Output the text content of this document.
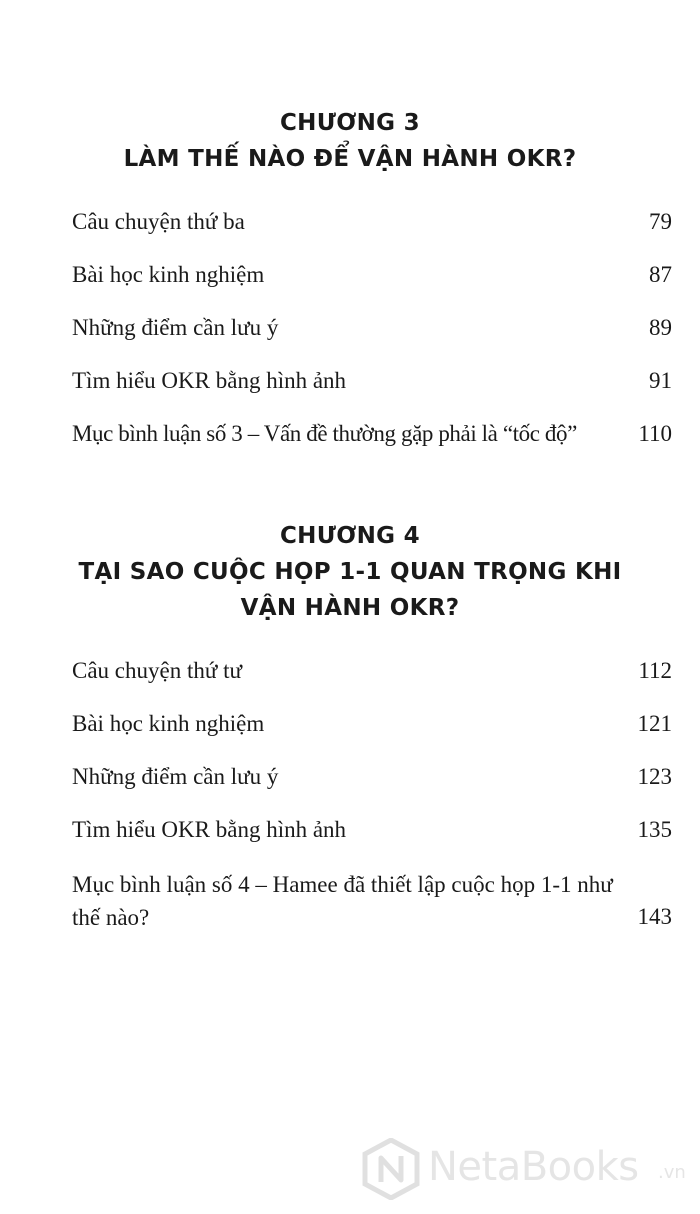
CHƯƠNG 3
LÀM THẾ NÀO ĐỂ VẬN HÀNH OKR?
Câu chuyện thứ ba	79
Bài học kinh nghiệm	87
Những điểm cần lưu ý	89
Tìm hiểu OKR bằng hình ảnh	91
Mục bình luận số 3 – Vấn đề thường gặp phải là “tốc độ”	110
CHƯƠNG 4
TẠI SAO CUỘC HỌP 1-1 QUAN TRỌNG KHI
VẬN HÀNH OKR?
Câu chuyện thứ tư	112
Bài học kinh nghiệm	121
Những điểm cần lưu ý	123
Tìm hiểu OKR bằng hình ảnh	135
Mục bình luận số 4 – Hamee đã thiết lập cuộc họp 1-1 như thế nào?	143
NetaBooks .vn
